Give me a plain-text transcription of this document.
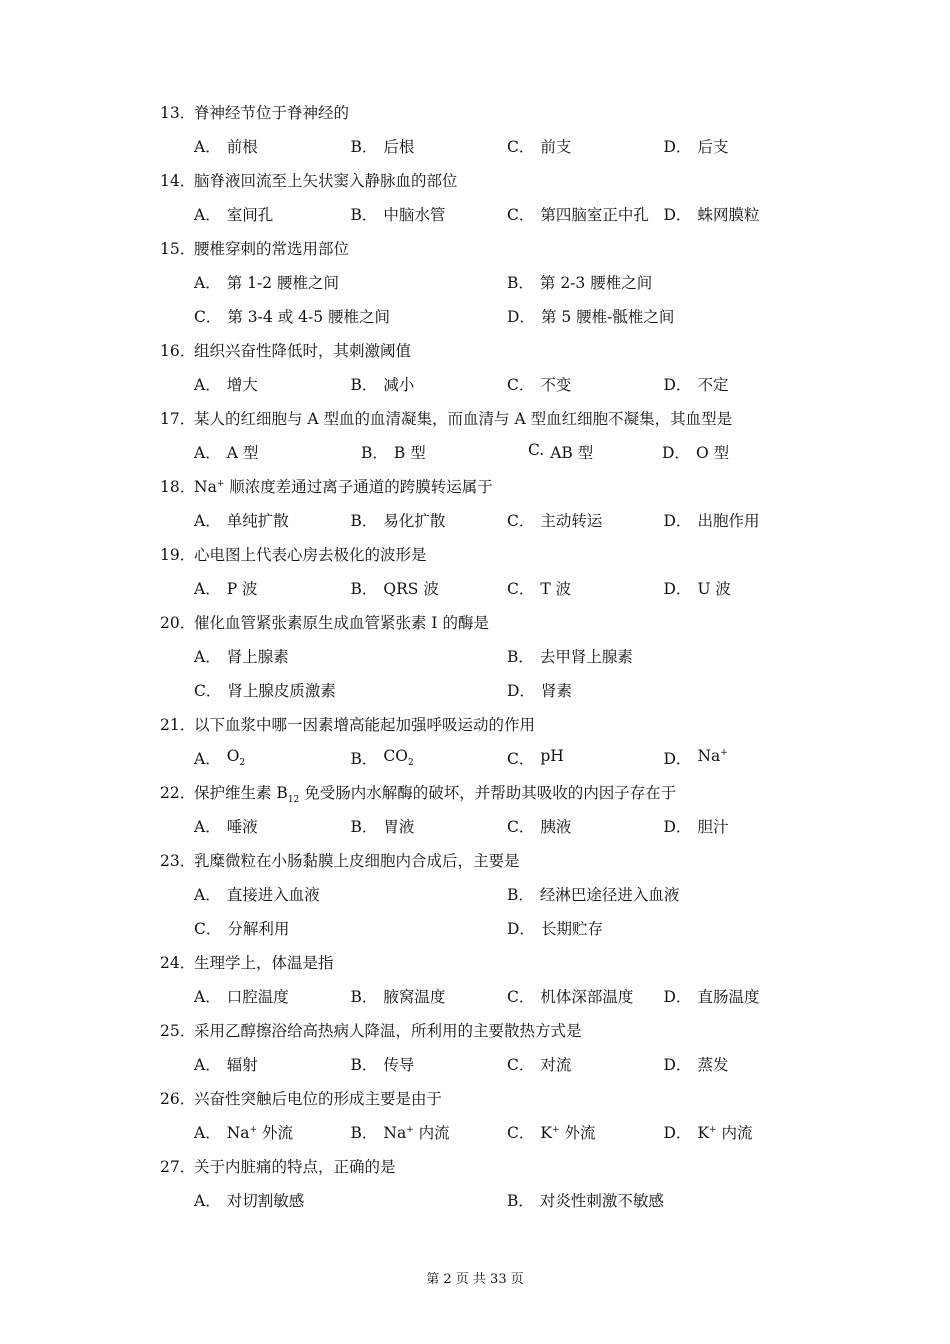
13．
脊神经节位于脊神经的
A． 前根	B． 后根	C． 前支	D． 后支
14．
脑脊液回流至上矢状窦入静脉血的部位
A． 室间孔	B． 中脑水管	C． 第四脑室正中孔 D． 蛛网膜粒
15．
腰椎穿刺的常选用部位
A． 第 1-2 腰椎之间	B． 第 2-3 腰椎之间
C． 第 3-4 或 4-5 腰椎之间	D． 第 5 腰椎-骶椎之间
16．
组织兴奋性降低时，其刺激阈值
A． 增大	B． 减小	C． 不变	D． 不定
17．
某人的红细胞与 A 型血的血清凝集，而血清与 A 型血红细胞不凝集，其血型是
A． A 型	B． B 型	C. AB 型	D． O 型
18．
Na+ 顺浓度差通过离子通道的跨膜转运属于
A． 单纯扩散	B． 易化扩散	C． 主动转运	D． 出胞作用
19．
心电图上代表心房去极化的波形是
A． P 波	B． QRS 波	C． T 波	D． U 波
20．
催化血管紧张素原生成血管紧张素 I 的酶是
A． 肾上腺素	B． 去甲肾上腺素
C． 肾上腺皮质激素	D． 肾素
21．
以下血浆中哪一因素增高能起加强呼吸运动的作用
A． $O_2$	B． $CO_2$	C． pH	D． Na+
22．
保护维生素 $B_{12}$ 免受肠内水解酶的破坏，并帮助其吸收的内因子存在于
A． 唾液	B． 胃液	C． 胰液	D． 胆汁
23．
乳糜微粒在小肠黏膜上皮细胞内合成后，主要是
A． 直接进入血液	B． 经淋巴途径进入血液
C． 分解利用	D． 长期贮存
24．
生理学上，体温是指
A． 口腔温度	B． 腋窝温度	C． 机体深部温度 D． 直肠温度
25．
采用乙醇擦浴给高热病人降温，所利用的主要散热方式是
A． 辐射	B． 传导	C． 对流	D． 蒸发
26．
兴奋性突触后电位的形成主要是由于
A． Na+ 外流	B． Na+ 内流	C． K+ 外流	D． K+ 内流
27．
关于内脏痛的特点，正确的是
A． 对切割敏感	B． 对炎性刺激不敏感
第 2 页 共 33 页
